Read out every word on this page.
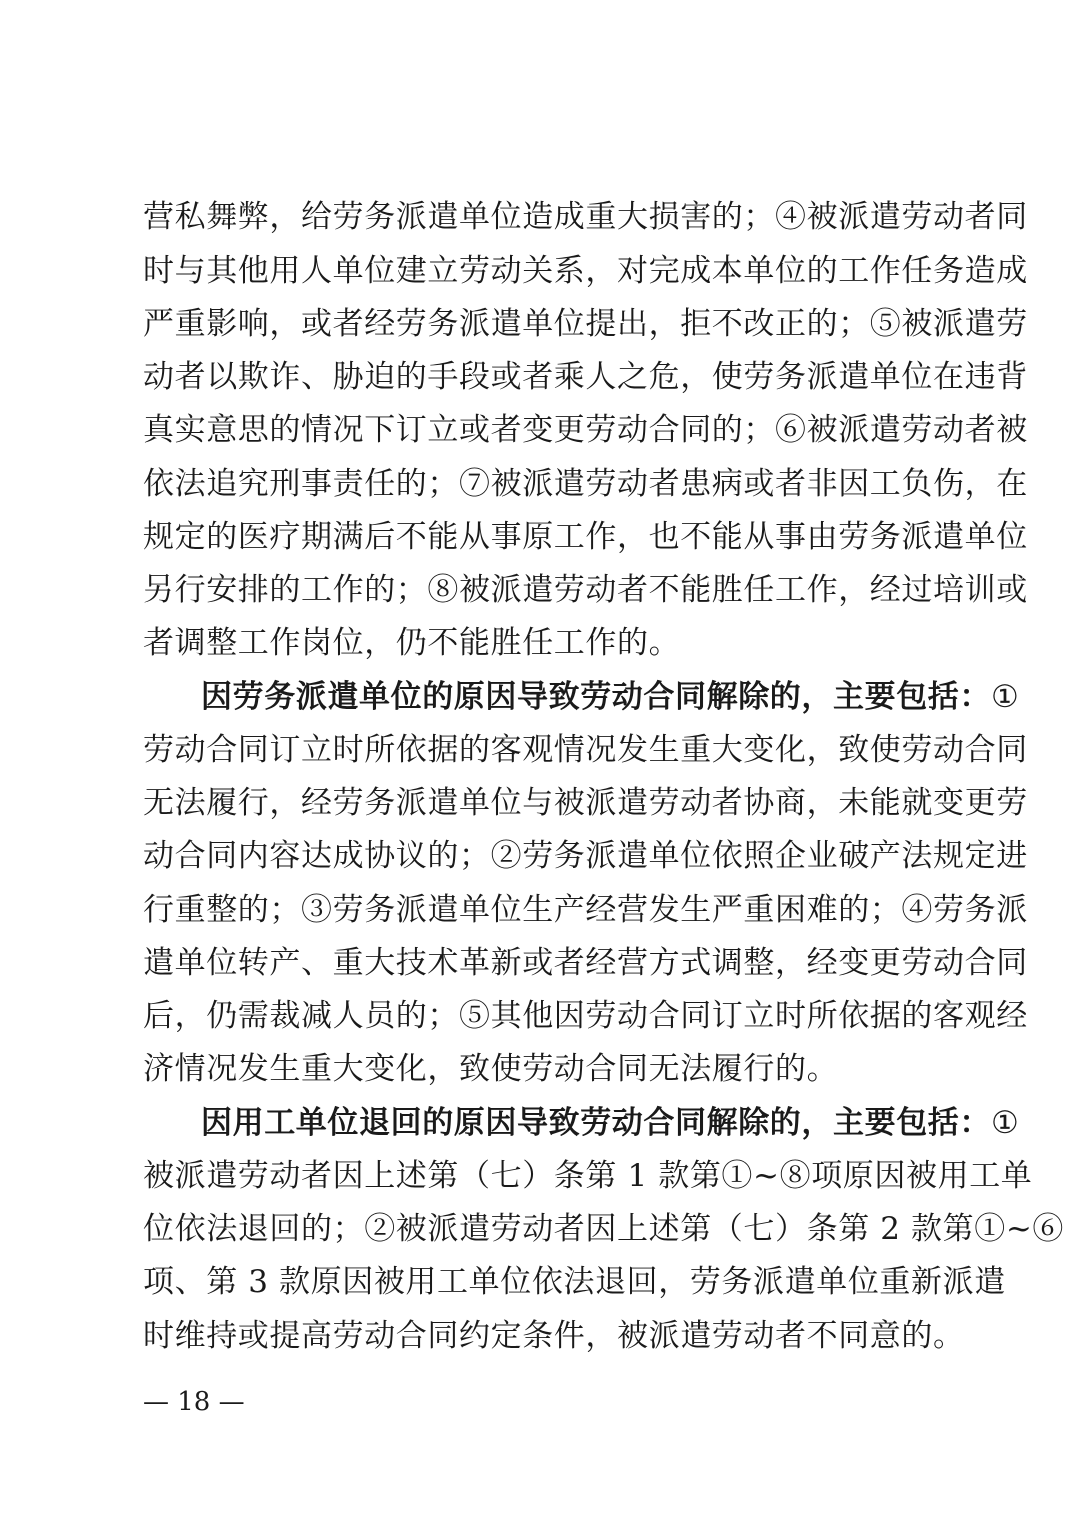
营私舞弊，给劳务派遣单位造成重大损害的；④被派遣劳动者同
时与其他用人单位建立劳动关系，对完成本单位的工作任务造成
严重影响，或者经劳务派遣单位提出，拒不改正的；⑤被派遣劳
动者以欺诈、胁迫的手段或者乘人之危，使劳务派遣单位在违背
真实意思的情况下订立或者变更劳动合同的；⑥被派遣劳动者被
依法追究刑事责任的；⑦被派遣劳动者患病或者非因工负伤，在
规定的医疗期满后不能从事原工作，也不能从事由劳务派遣单位
另行安排的工作的；⑧被派遣劳动者不能胜任工作，经过培训或
者调整工作岗位，仍不能胜任工作的。
因劳务派遣单位的原因导致劳动合同解除的，主要包括：①
劳动合同订立时所依据的客观情况发生重大变化，致使劳动合同
无法履行，经劳务派遣单位与被派遣劳动者协商，未能就变更劳
动合同内容达成协议的；②劳务派遣单位依照企业破产法规定进
行重整的；③劳务派遣单位生产经营发生严重困难的；④劳务派
遣单位转产、重大技术革新或者经营方式调整，经变更劳动合同
后，仍需裁减人员的；⑤其他因劳动合同订立时所依据的客观经
济情况发生重大变化，致使劳动合同无法履行的。
因用工单位退回的原因导致劳动合同解除的，主要包括：①
被派遣劳动者因上述第（七）条第 1 款第①~⑧项原因被用工单
位依法退回的；②被派遣劳动者因上述第（七）条第 2 款第①~⑥
项、第 3 款原因被用工单位依法退回，劳务派遣单位重新派遣
时维持或提高劳动合同约定条件，被派遣劳动者不同意的。
— 18 —
